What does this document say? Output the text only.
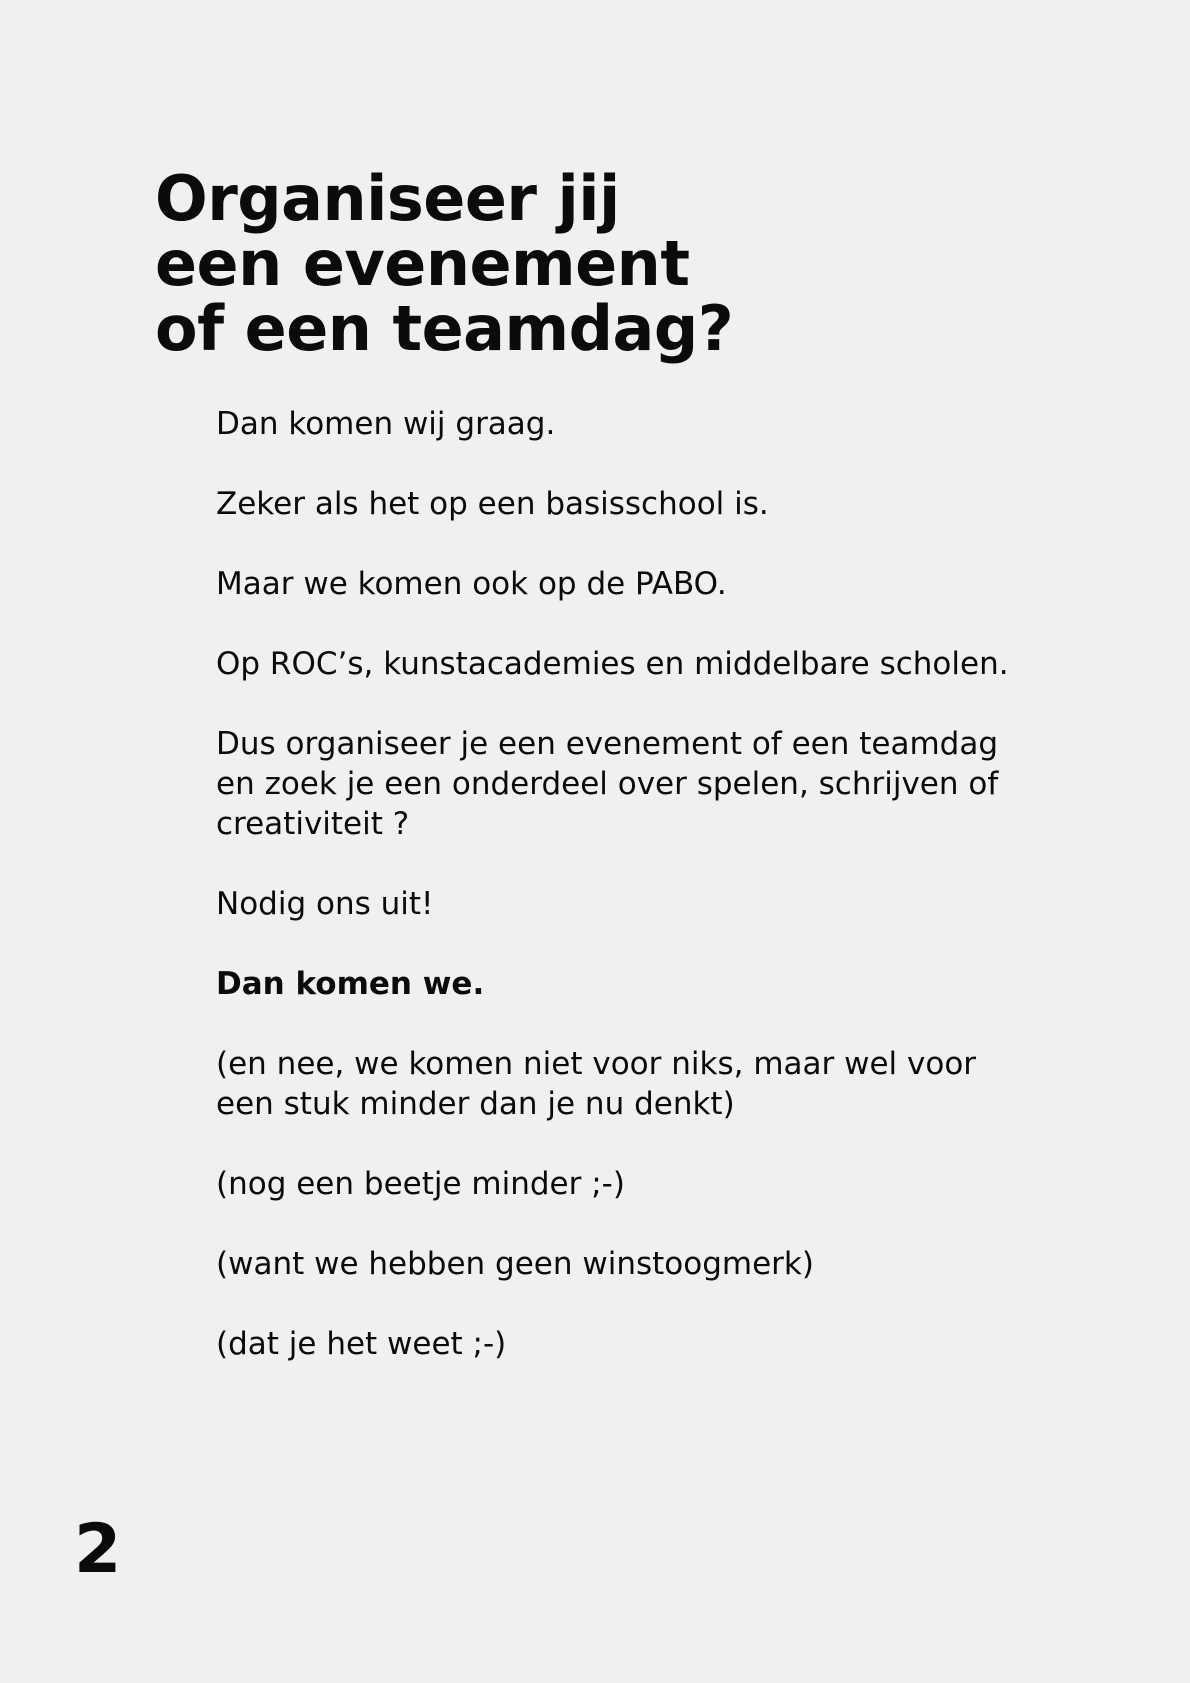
Organiseer jij
een evenement
of een teamdag?

Dan komen wij graag.

Zeker als het op een basisschool is.

Maar we komen ook op de PABO.

Op ROC’s, kunstacademies en middelbare scholen.

Dus organiseer je een evenement of een teamdag en zoek je een onderdeel over spelen, schrijven of creativiteit ?

Nodig ons uit!

Dan komen we.

(en nee, we komen niet voor niks, maar wel voor een stuk minder dan je nu denkt)

(nog een beetje minder ;-)

(want we hebben geen winstoogmerk)

(dat je het weet ;-)

2
